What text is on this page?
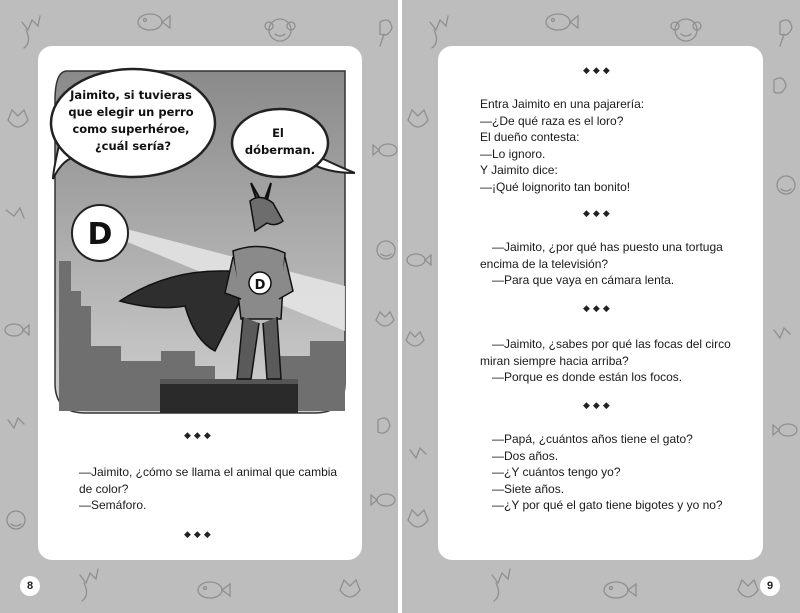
D
D
Jaimito, si tuvieras que elegir un perro como superhéroe, ¿cuál sería?
El dóberman.
◆◆◆

—Jaimito, ¿cómo se llama el animal que cambia

de color?

—Semáforo.

◆◆◆
8
◆◆◆

Entra Jaimito en una pajarería:

—¿De qué raza es el loro?

El dueño contesta:

—Lo ignoro.

Y Jaimito dice:

—¡Qué loignorito tan bonito!

◆◆◆

—Jaimito, ¿por qué has puesto una tortuga

encima de la televisión?

—Para que vaya en cámara lenta.

◆◆◆

—Jaimito, ¿sabes por qué las focas del circo

miran siempre hacia arriba?

—Porque es donde están los focos.

◆◆◆

—Papá, ¿cuántos años tiene el gato?

—Dos años.

—¿Y cuántos tengo yo?

—Siete años.

—¿Y por qué el gato tiene bigotes y yo no?

9
